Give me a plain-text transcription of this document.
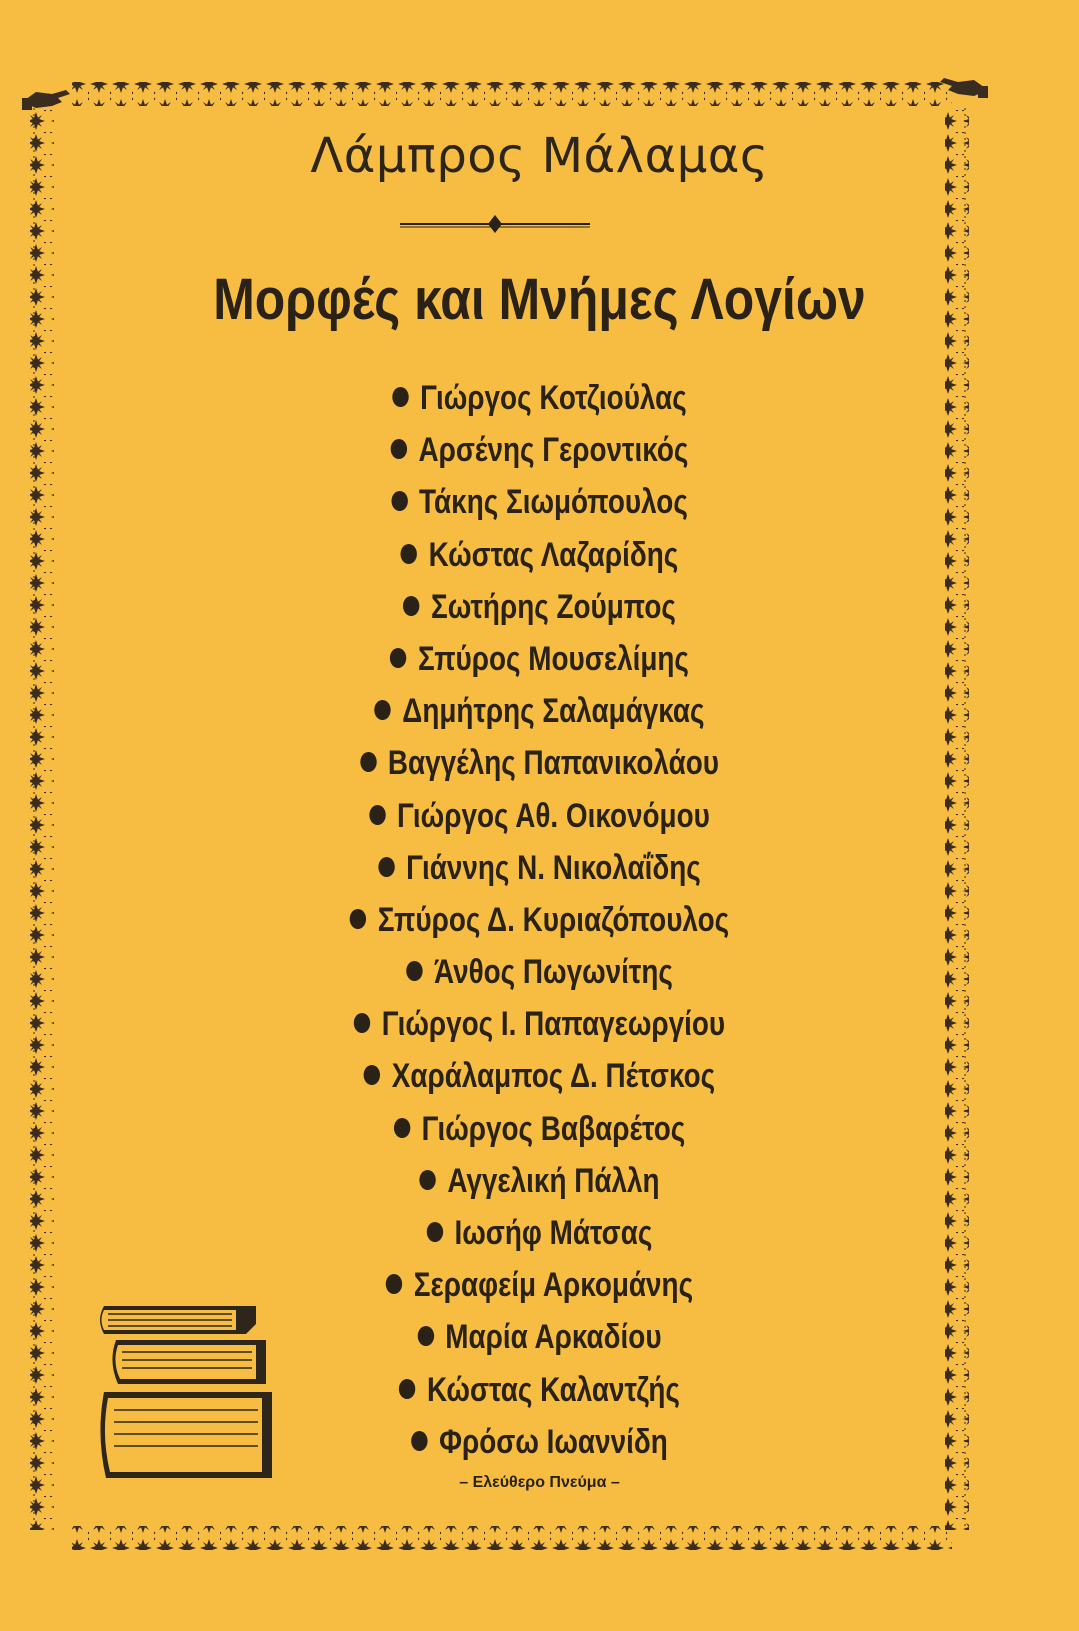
Λάμπρος Μάλαμας
Μορφές και Μνήμες Λογίων
Γιώργος Κοτζιούλας
Αρσένης Γεροντικός
Τάκης Σιωμόπουλος
Κώστας Λαζαρίδης
Σωτήρης Ζούμπος
Σπύρος Μουσελίμης
Δημήτρης Σαλαμάγκας
Βαγγέλης Παπανικολάου
Γιώργος Αθ. Οικονόμου
Γιάννης Ν. Νικολαΐδης
Σπύρος Δ. Κυριαζόπουλος
Άνθος Πωγωνίτης
Γιώργος Ι. Παπαγεωργίου
Χαράλαμπος Δ. Πέτσκος
Γιώργος Βαβαρέτος
Αγγελική Πάλλη
Ιωσήφ Μάτσας
Σεραφείμ Αρκομάνης
Μαρία Αρκαδίου
Κώστας Καλαντζής
Φρόσω Ιωαννίδη
– Ελεύθερο Πνεύμα –
